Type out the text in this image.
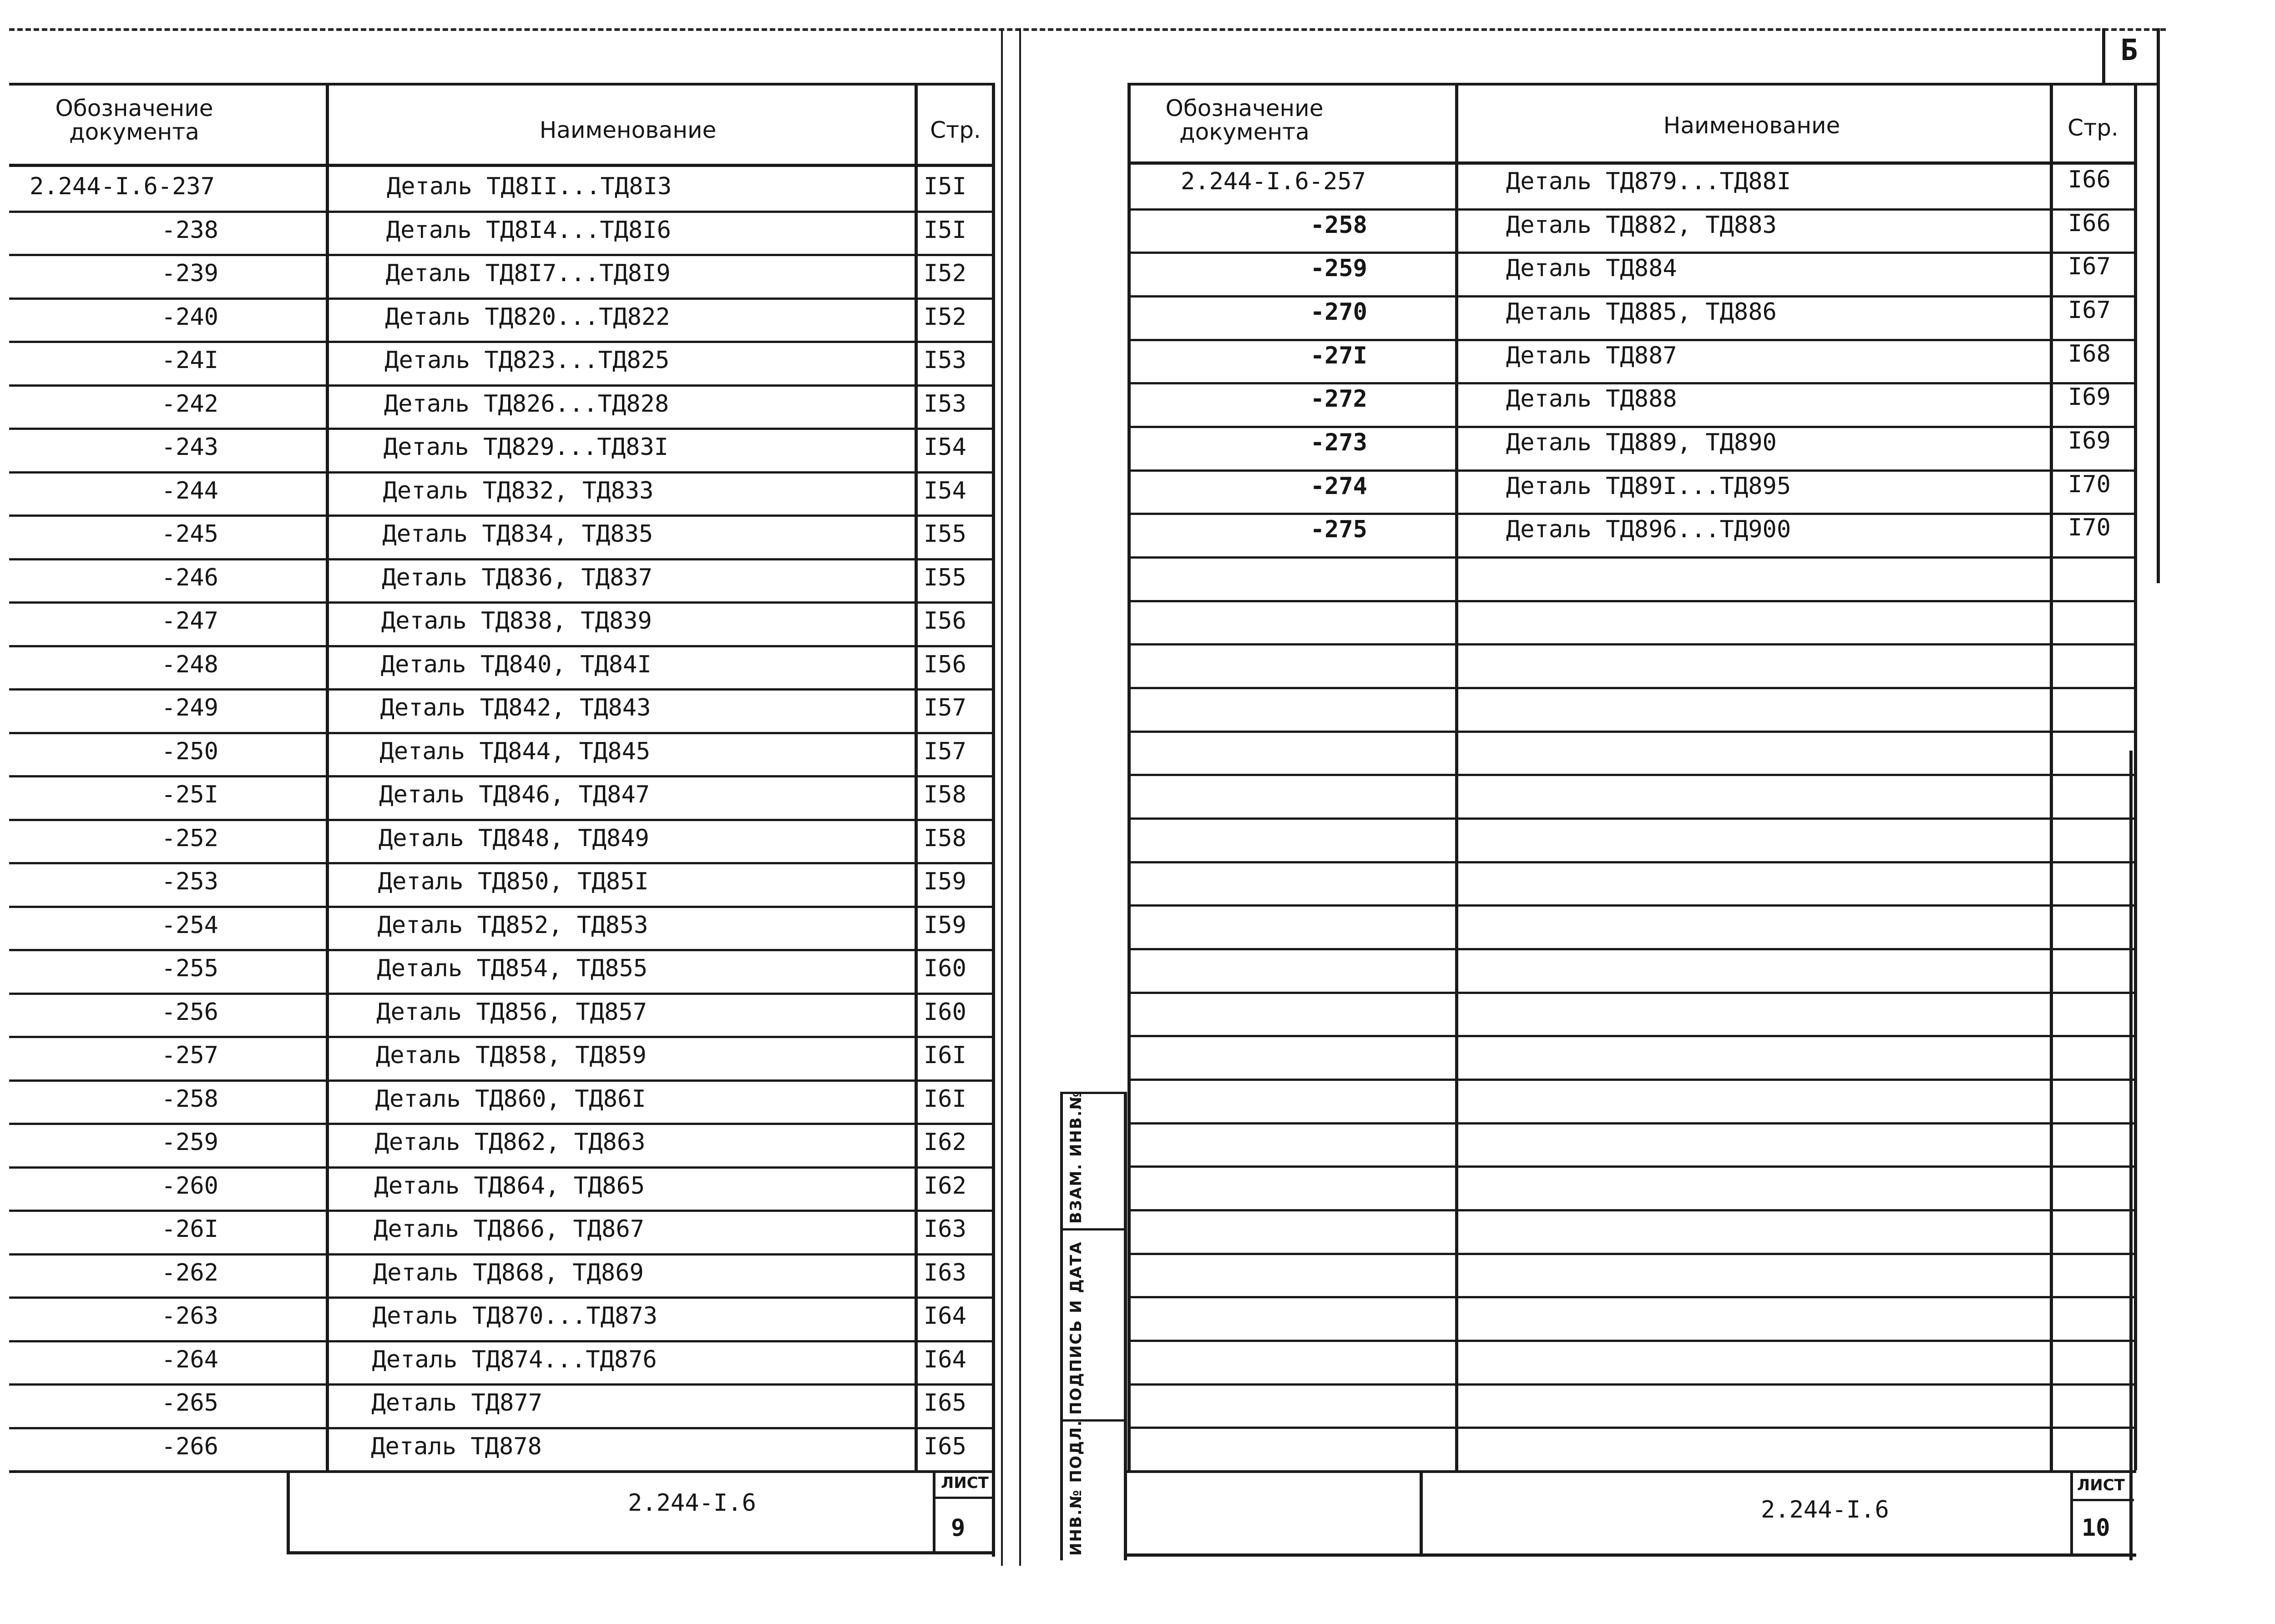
Обозначение документа	Наименование	Стр.
2.244-I.6-237	Деталь ТД8II...ТД8I3	I5I
-238	Деталь ТД8I4...ТД8I6	I5I
-239	Деталь ТД8I7...ТД8I9	I52
-240	Деталь ТД820...ТД822	I52
-24I	Деталь ТД823...ТД825	I53
-242	Деталь ТД826...ТД828	I53
-243	Деталь ТД829...ТД83I	I54
-244	Деталь ТД832, ТД833	I54
-245	Деталь ТД834, ТД835	I55
-246	Деталь ТД836, ТД837	I55
-247	Деталь ТД838, ТД839	I56
-248	Деталь ТД840, ТД84I	I56
-249	Деталь ТД842, ТД843	I57
-250	Деталь ТД844, ТД845	I57
-25I	Деталь ТД846, ТД847	I58
-252	Деталь ТД848, ТД849	I58
-253	Деталь ТД850, ТД85I	I59
-254	Деталь ТД852, ТД853	I59
-255	Деталь ТД854, ТД855	I60
-256	Деталь ТД856, ТД857	I60
-257	Деталь ТД858, ТД859	I6I
-258	Деталь ТД860, ТД86I	I6I
-259	Деталь ТД862, ТД863	I62
-260	Деталь ТД864, ТД865	I62
-26I	Деталь ТД866, ТД867	I63
-262	Деталь ТД868, ТД869	I63
-263	Деталь ТД870...ТД873	I64
-264	Деталь ТД874...ТД876	I64
-265	Деталь ТД877	I65
-266	Деталь ТД878	I65
2.244-I.6
ЛИСТ
9
Б
Обозначение документа	Наименование	Стр.
2.244-I.6-257	Деталь ТД879...ТД88I	I66
-258	Деталь ТД882, ТД883	I66
-259	Деталь ТД884	I67
-270	Деталь ТД885, ТД886	I67
-27I	Деталь ТД887	I68
-272	Деталь ТД888	I69
-273	Деталь ТД889, ТД890	I69
-274	Деталь ТД89I...ТД895	I70
-275	Деталь ТД896...ТД900	I70
ВЗАМ. ИНВ.№
ПОДПИСЬ И ДАТА
ИНВ.№ ПОДЛ.	2.244-I.6
ЛИСТ
10
